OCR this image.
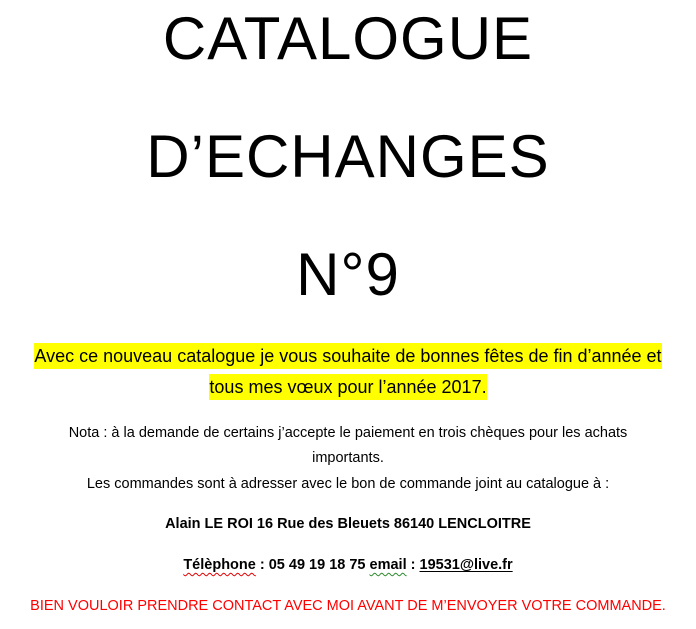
CATALOGUE
D’ECHANGES
N°9
Avec ce nouveau catalogue je vous souhaite de bonnes fêtes de fin d’année et
tous mes vœux pour l’année 2017.
Nota : à la demande de certains j’accepte le paiement en trois chèques pour les achats
importants.
Les commandes sont à adresser avec le bon de commande joint au catalogue à :
Alain LE ROI 16 Rue des Bleuets 86140 LENCLOITRE
Télèphone : 05 49 19 18 75 email : 19531@live.fr
BIEN VOULOIR PRENDRE CONTACT AVEC MOI AVANT DE M’ENVOYER VOTRE COMMANDE.
